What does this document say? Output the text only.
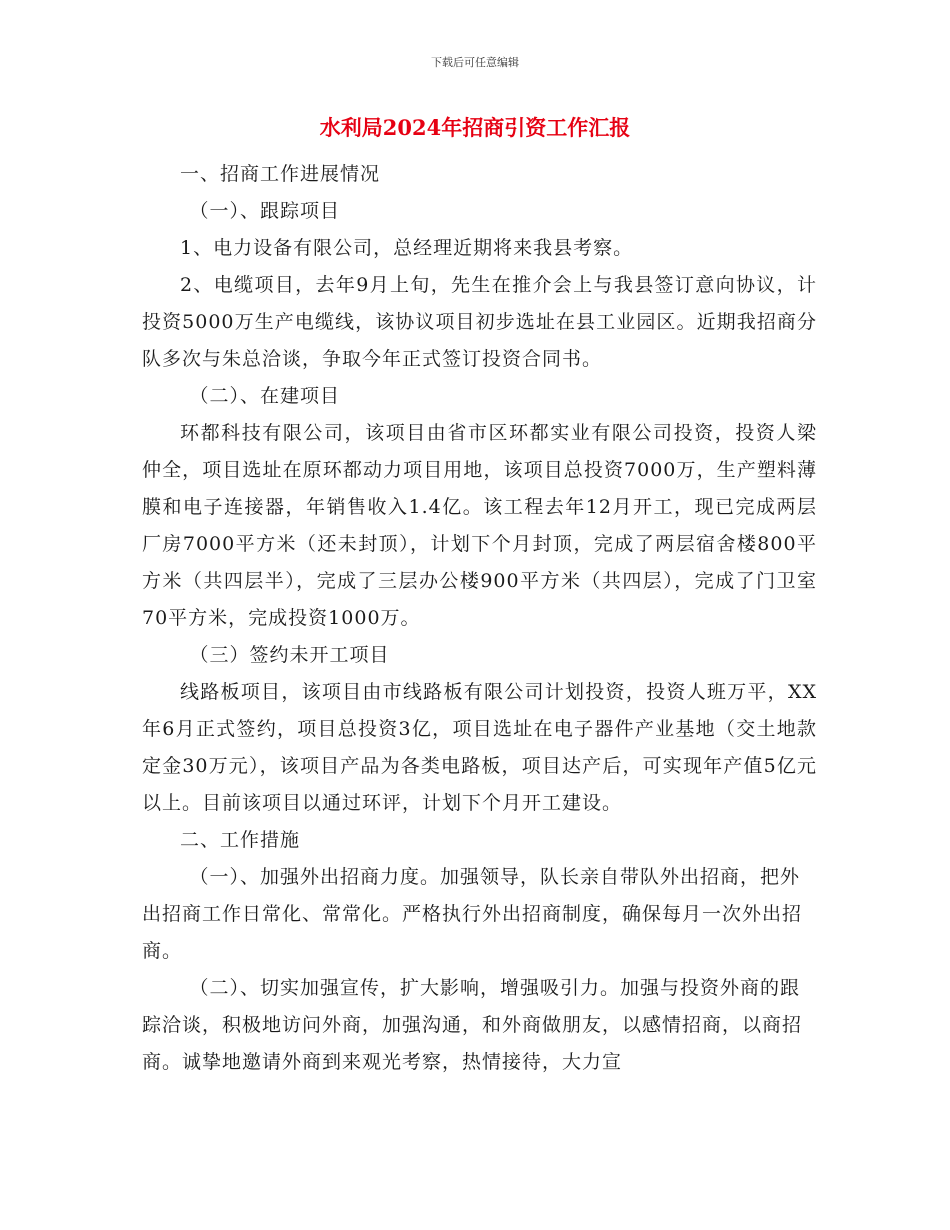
下载后可任意编辑
水利局2024年招商引资工作汇报

一、招商工作进展情况

（一）、跟踪项目

1、电力设备有限公司，总经理近期将来我县考察。

2、电缆项目，去年9月上旬，先生在推介会上与我县签订意向协议，计投资5000万生产电缆线，该协议项目初步选址在县工业园区。近期我招商分队多次与朱总洽谈，争取今年正式签订投资合同书。

（二）、在建项目

环都科技有限公司，该项目由省市区环都实业有限公司投资，投资人梁仲全，项目选址在原环都动力项目用地，该项目总投资7000万，生产塑料薄膜和电子连接器，年销售收入1.4亿。该工程去年12月开工，现已完成两层厂房7000平方米（还未封顶），计划下个月封顶，完成了两层宿舍楼800平方米（共四层半），完成了三层办公楼900平方米（共四层），完成了门卫室70平方米，完成投资1000万。

（三）签约未开工项目

线路板项目，该项目由市线路板有限公司计划投资，投资人班万平，XX年6月正式签约，项目总投资3亿，项目选址在电子器件产业基地（交土地款定金30万元），该项目产品为各类电路板，项目达产后，可实现年产值5亿元以上。目前该项目以通过环评，计划下个月开工建设。

二、工作措施

（一）、加强外出招商力度。加强领导，队长亲自带队外出招商，把外出招商工作日常化、常常化。严格执行外出招商制度，确保每月一次外出招商。

（二）、切实加强宣传，扩大影响，增强吸引力。加强与投资外商的跟踪洽谈，积极地访问外商，加强沟通，和外商做朋友，以感情招商，以商招商。诚挚地邀请外商到来观光考察，热情接待，大力宣
